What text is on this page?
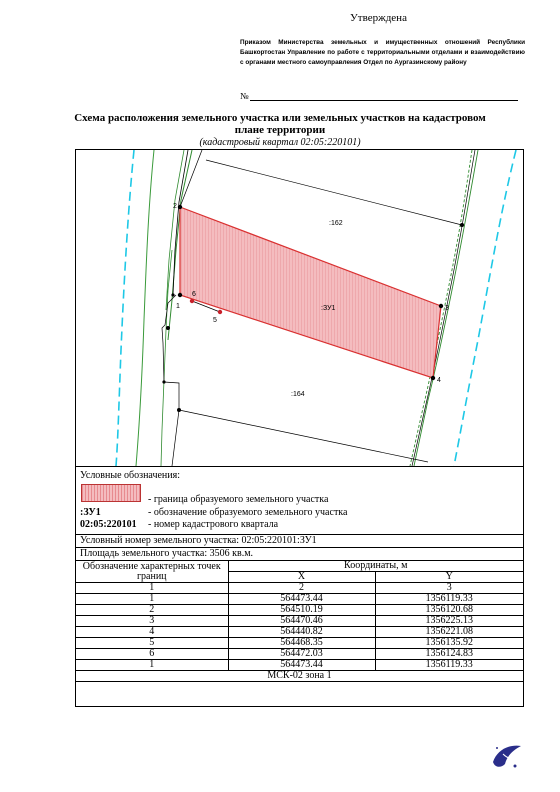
Утверждена
Приказом Министерства земельных и имущественных отношений Республики Башкортостан Управление по работе с территориальными отделами и взаимодействию с органами местного самоуправления Отдел по Аургазинскому району
№
Схема расположения земельного участка или земельных участков на кадастровом плане территории
(кадастровый квартал 02:05:220101)
2
1	3
4
5
6
:162
:ЗУ1
:164
Условные обозначения:
- граница образуемого земельного участка
:ЗУ1	- обозначение образуемого земельного участка
02:05:220101 - номер кадастрового квартала
Условный номер земельного участка: 02:05:220101:ЗУ1
Площадь земельного участка: 3506 кв.м.
Обозначение характерных точек границ	Координаты, м	
	X	Y
1	2	3
1	564473.44	1356119.33
2	564510.19	1356120.68
3	564470.46	1356225.13
4	564440.82	1356221.08
5	564468.35	1356135.92
6	564472.03	1356124.83
1	564473.44	1356119.33
МСК-02 зона 1		
